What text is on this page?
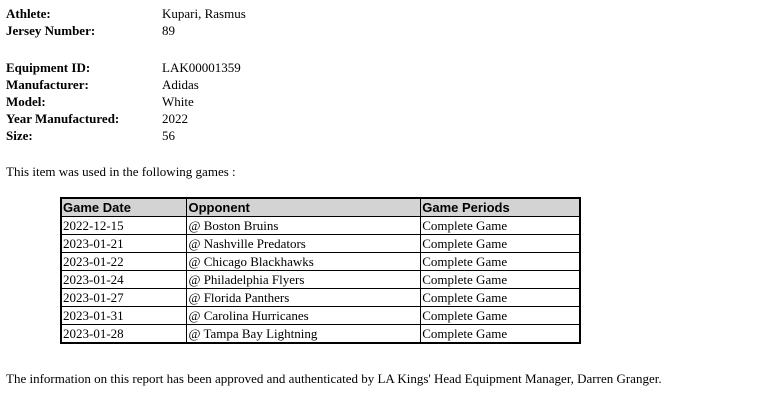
Athlete:	Kupari, Rasmus
Jersey Number:	89
Equipment ID:	LAK00001359
Manufacturer:	Adidas
Model:	White
Year Manufactured:	2022
Size:	56
This item was used in the following games :
Game Date	Opponent	Game Periods
2022-12-15	@ Boston Bruins	Complete Game
2023-01-21	@ Nashville Predators	Complete Game
2023-01-22	@ Chicago Blackhawks	Complete Game
2023-01-24	@ Philadelphia Flyers	Complete Game
2023-01-27	@ Florida Panthers	Complete Game
2023-01-31	@ Carolina Hurricanes	Complete Game
2023-01-28	@ Tampa Bay Lightning	Complete Game
The information on this report has been approved and authenticated by LA Kings' Head Equipment Manager, Darren Granger.
